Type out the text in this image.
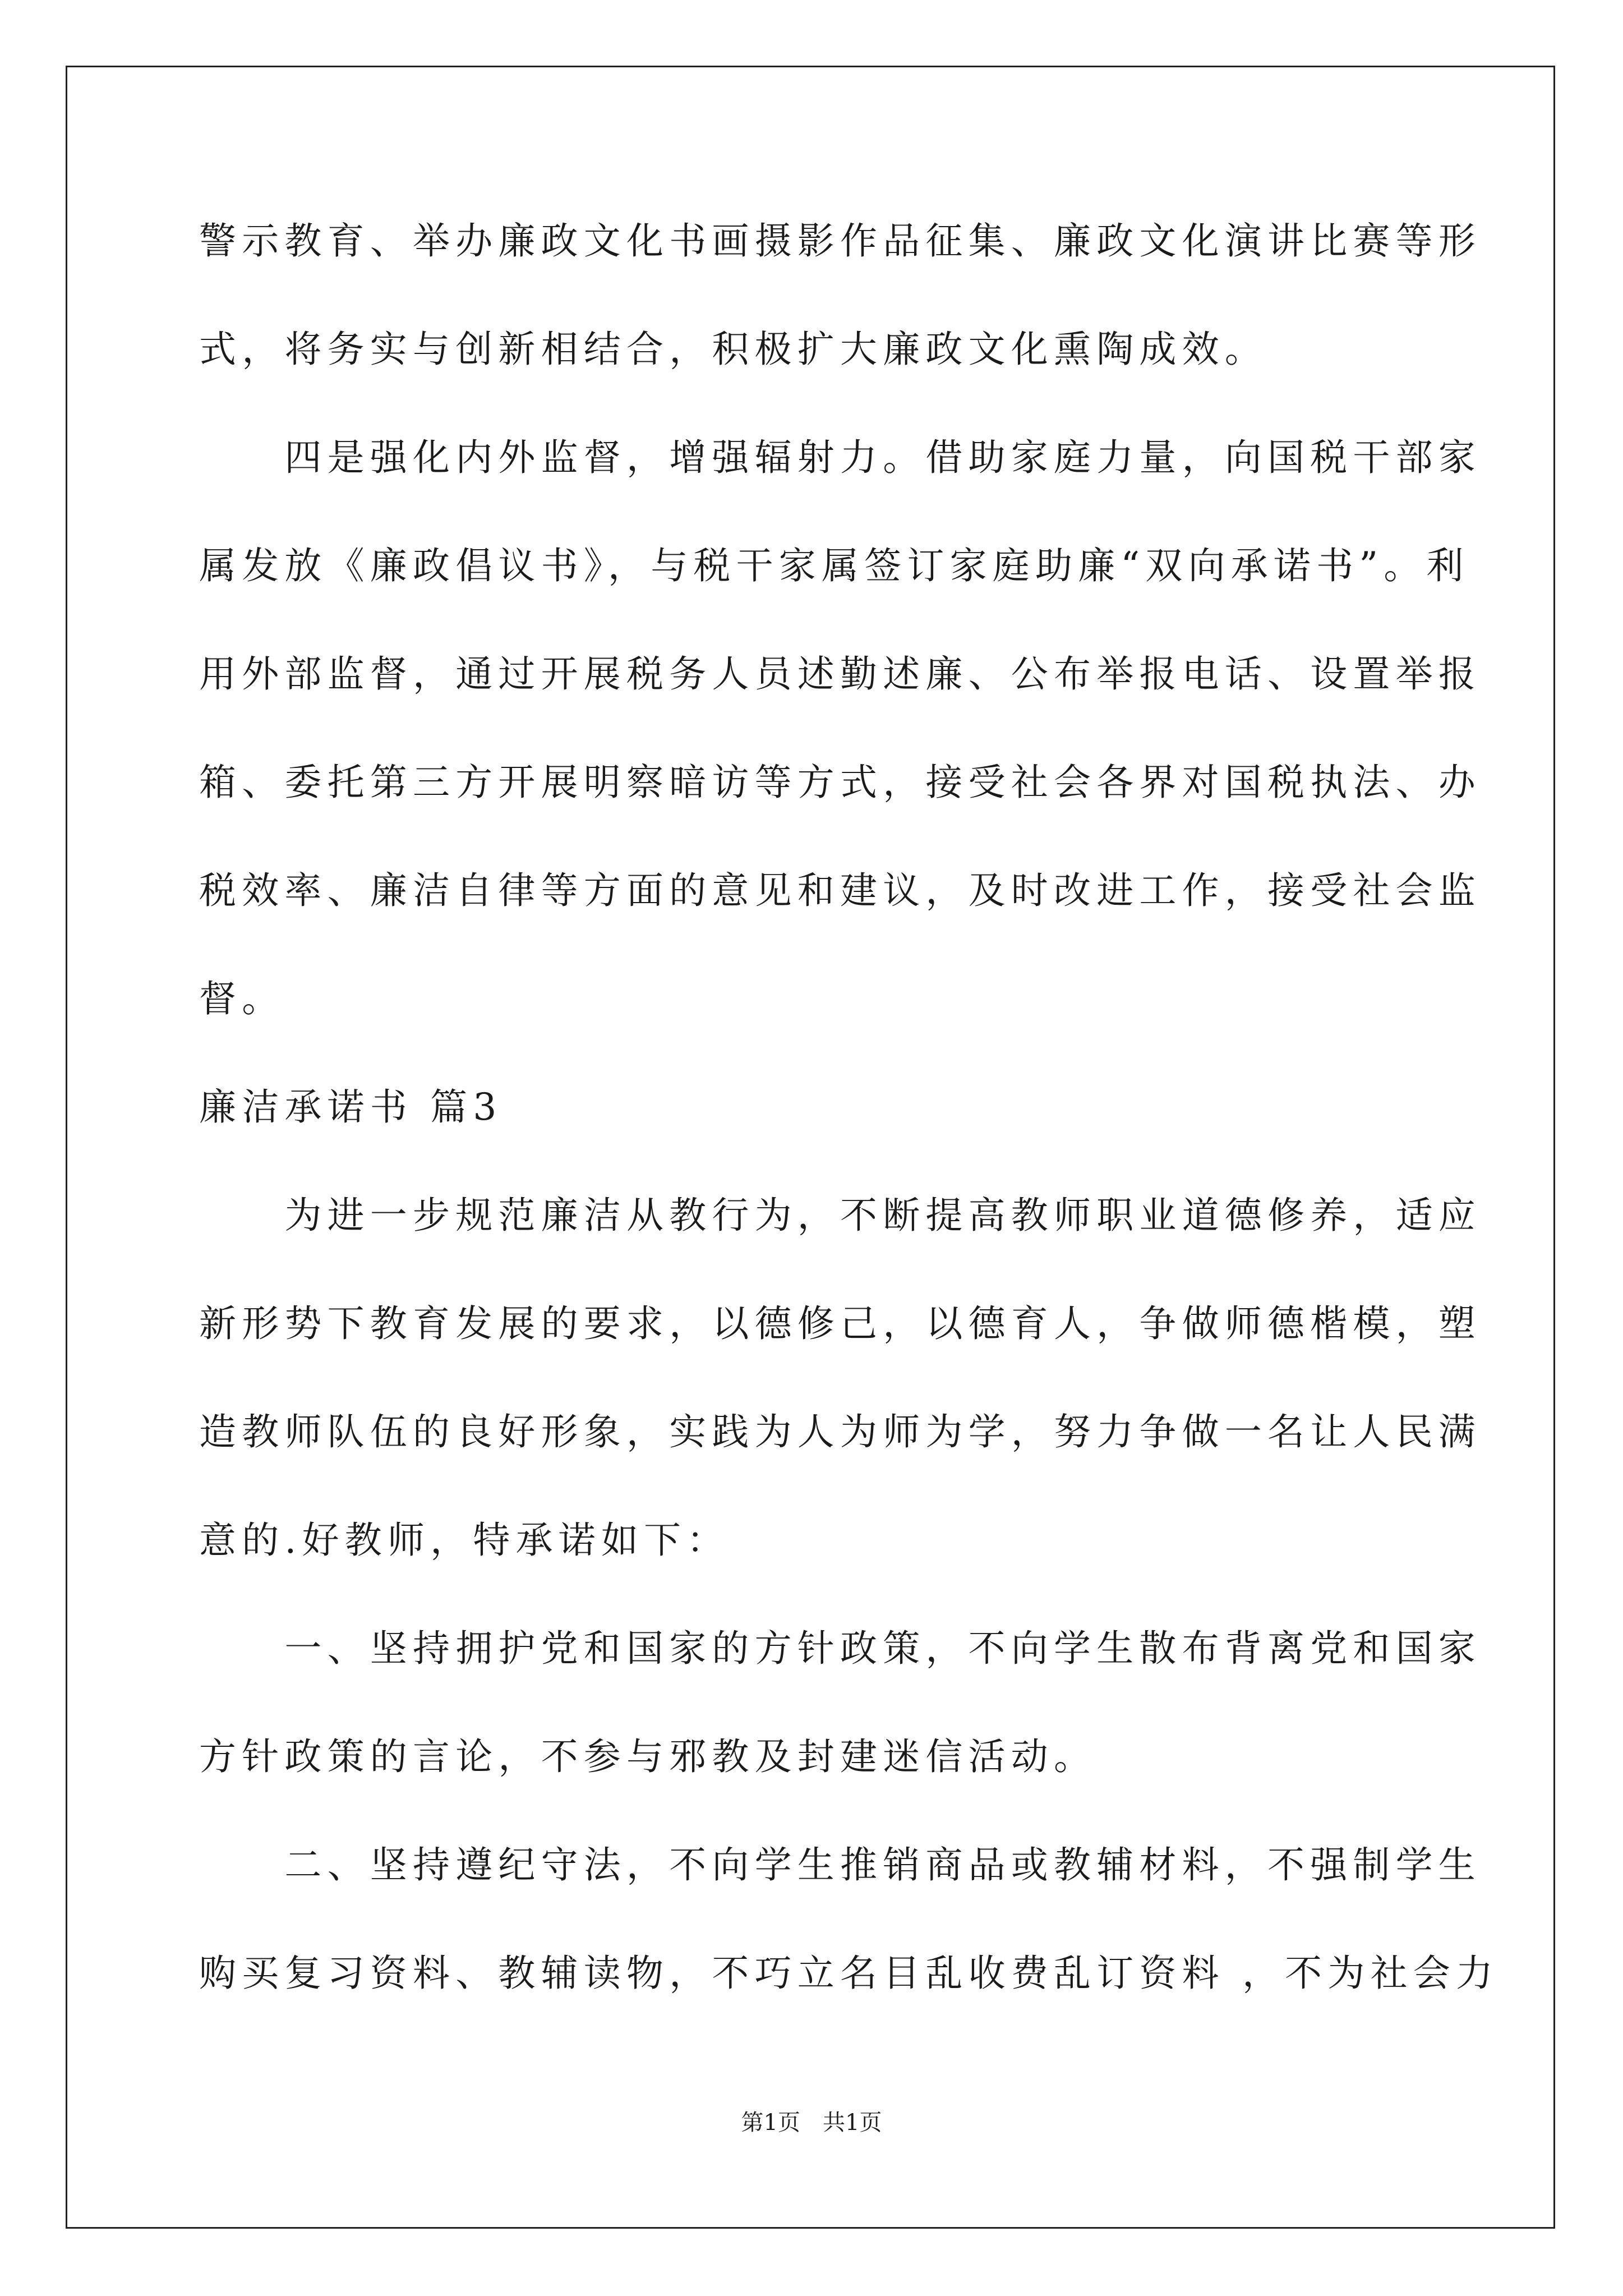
警示教育、举办廉政文化书画摄影作品征集、廉政文化演讲比赛等形
式，将务实与创新相结合，积极扩大廉政文化熏陶成效。
　　四是强化内外监督，增强辐射力。借助家庭力量，向国税干部家
属发放《廉政倡议书》，与税干家属签订家庭助廉“双向承诺书”。利
用外部监督，通过开展税务人员述勤述廉、公布举报电话、设置举报
箱、委托第三方开展明察暗访等方式，接受社会各界对国税执法、办
税效率、廉洁自律等方面的意见和建议，及时改进工作，接受社会监
督。
廉洁承诺书 篇3
　　为进一步规范廉洁从教行为，不断提高教师职业道德修养，适应
新形势下教育发展的要求，以德修己，以德育人，争做师德楷模，塑
造教师队伍的良好形象，实践为人为师为学，努力争做一名让人民满
意的.好教师，特承诺如下：
　　一、坚持拥护党和国家的方针政策，不向学生散布背离党和国家
方针政策的言论，不参与邪教及封建迷信活动。
　　二、坚持遵纪守法，不向学生推销商品或教辅材料，不强制学生
购买复习资料、教辅读物，不巧立名目乱收费乱订资料 ，不为社会力
第1页　共1页
